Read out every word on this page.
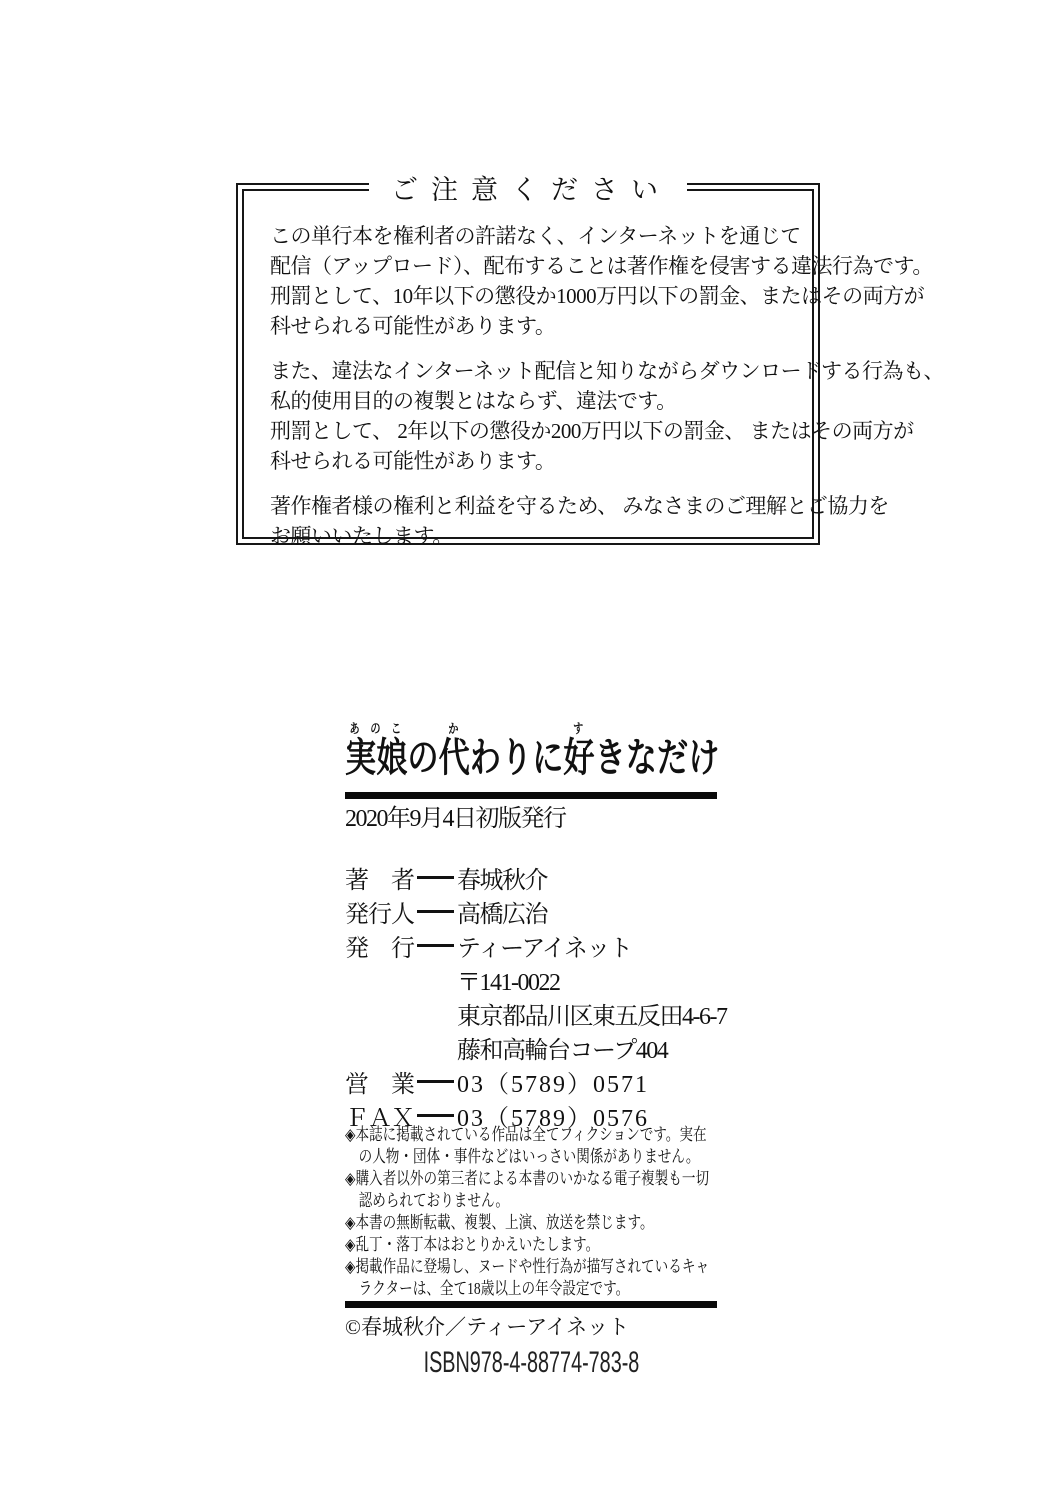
ご注意ください
この単行本を権利者の許諾なく、インターネットを通じて
配信（アップロード）、配布することは著作権を侵害する違法行為です。
刑罰として、10年以下の懲役か1000万円以下の罰金、またはその両方が
科せられる可能性があります。
また、違法なインターネット配信と知りながらダウンロードする行為も、
私的使用目的の複製とはならず、違法です。
刑罰として、 2年以下の懲役か200万円以下の罰金、 またはその両方が
科せられる可能性があります。
著作権者様の権利と利益を守るため、 みなさまのご理解とご協力を
お願いいたします。
実娘あのこの代かわりに好すきなだけ
2020年9月4日初版発行
著　者 春城秋介
発行人 高橋広治
発　行 ティーアイネット
〒141-0022
東京都品川区東五反田4-6-7
藤和高輪台コープ404
営　業 03（5789）0571
ＦＡＸ 03（5789）0576
◈本誌に掲載されている作品は全てフィクションです。実在の人物・団体・事件などはいっさい関係がありません。
◈購入者以外の第三者による本書のいかなる電子複製も一切認められておりません。
◈本書の無断転載、複製、上演、放送を禁じます。
◈乱丁・落丁本はおとりかえいたします。
◈掲載作品に登場し、ヌードや性行為が描写されているキャラクターは、全て18歳以上の年令設定です。
©春城秋介／ティーアイネット
ISBN978-4-88774-783-8
